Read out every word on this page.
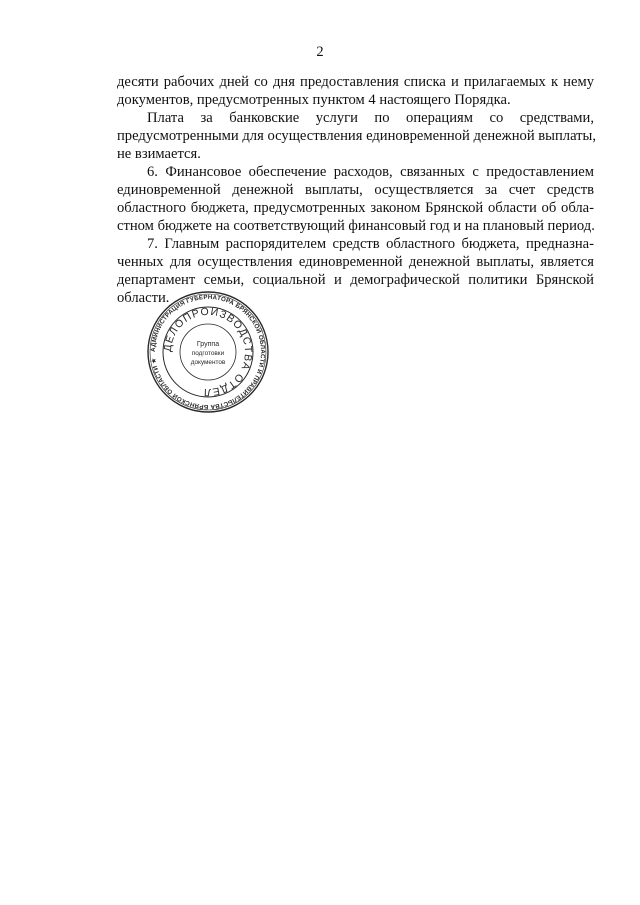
2
десяти рабочих дней со дня предоставления списка и прилагаемых к нему
документов, предусмотренных пунктом 4 настоящего Порядка.
Плата за банковские услуги по операциям со средствами,
предусмотренными для осуществления единовременной денежной выплаты,
не взимается.
6. Финансовое обеспечение расходов, связанных с предоставлением
единовременной денежной выплаты, осуществляется за счет средств
областного бюджета, предусмотренных законом Брянской области об обла-
стном бюджете на соответствующий финансовый год и на плановый период.
7. Главным распорядителем средств областного бюджета, предназна-
ченных для осуществления единовременной денежной выплаты, является
департамент семьи, социальной и демографической политики Брянской
области.
АДМИНИСТРАЦИЯ ГУБЕРНАТОРА БРЯНСКОЙ ОБЛАСТИ И ПРАВИТЕЛЬСТВА БРЯНСКОЙ ОБЛАСТИ ★
ДЕЛОПРОИЗВОДСТВА ОТДЕЛ
Группа
подготовки
документов
